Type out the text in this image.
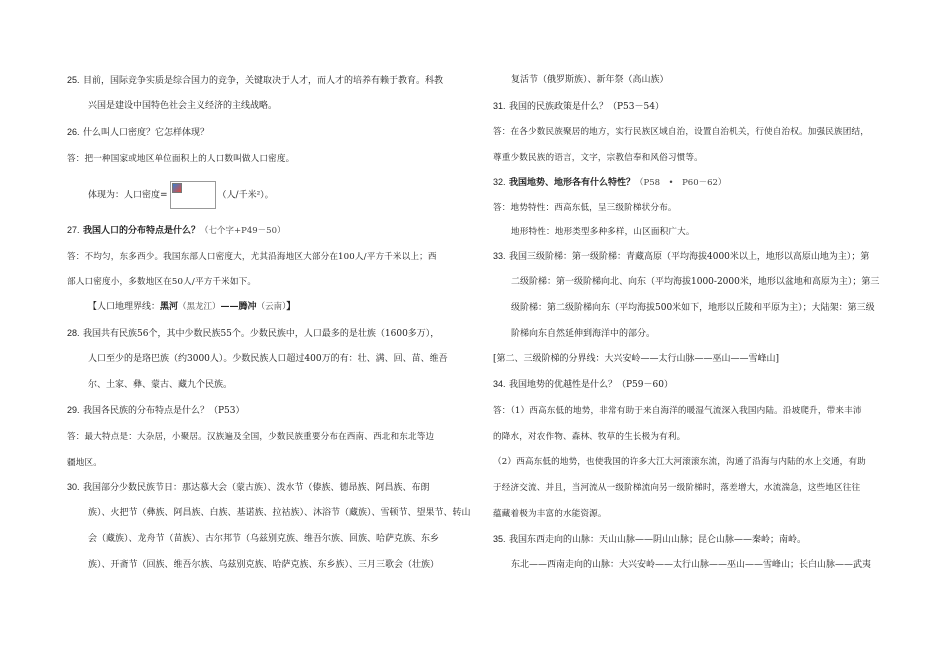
25. 目前，国际竞争实质是综合国力的竞争，关键取决于人才，而人才的培养有赖于教育。科教
兴国是建设中国特色社会主义经济的主线战略。
26. 什么叫人口密度？它怎样体现？
答：把一种国家或地区单位面积上的人口数叫做人口密度。
体现为：人口密度=	（人/千米²）。
27. 我国人口的分布特点是什么？（七个字+P49－50）
答：不均匀，东多西少。我国东部人口密度大，尤其沿海地区大部分在100人/平方千米以上；西
部人口密度小，多数地区在50人/平方千米如下。
【人口地理界线：黑河（黑龙江）——腾冲（云南）】
28. 我国共有民族56个，其中少数民族55个。少数民族中，人口最多的是壮族（1600多万），
人口至少的是珞巴族（约3000人）。少数民族人口超过400万的有：壮、满、回、苗、维吾
尔、土家、彝、蒙古、藏九个民族。
29. 我国各民族的分布特点是什么？（P53）
答：最大特点是：大杂居，小聚居。汉族遍及全国，少数民族重要分布在西南、西北和东北等边
疆地区。
30. 我国部分少数民族节日：那达慕大会（蒙古族）、泼水节（傣族、德昂族、阿昌族、布朗
族）、火把节（彝族、阿昌族、白族、基诺族、拉祜族）、沐浴节（藏族）、雪顿节、望果节、转山
会（藏族）、龙舟节（苗族）、古尔邦节（乌兹别克族、维吾尔族、回族、哈萨克族、东乡
族）、开斋节（回族、维吾尔族、乌兹别克族、哈萨克族、东乡族）、三月三歌会（壮族）
复活节（俄罗斯族）、新年祭（高山族）
31. 我国的民族政策是什么？（P53－54）
答：在各少数民族聚居的地方，实行民族区域自治，设置自治机关，行使自治权。加强民族团结，
尊重少数民族的语言，文字，宗教信奉和风俗习惯等。
32. 我国地势、地形各有什么特性？（P58　•　P60－62）
答：地势特性：西高东低，呈三级阶梯状分布。
地形特性：地形类型多种多样，山区面积广大。
33. 我国三级阶梯：第一级阶梯：青藏高原（平均海拔4000米以上，地形以高原山地为主）；第
二级阶梯：第一级阶梯向北、向东（平均海拔1000-2000米，地形以盆地和高原为主）；第三
级阶梯：第二级阶梯向东（平均海拔500米如下，地形以丘陵和平原为主）；大陆架：第三级
阶梯向东自然延伸到海洋中的部分。
[第二、三级阶梯的分界线：大兴安岭——太行山脉——巫山——雪峰山]
34. 我国地势的优越性是什么？（P59－60）
答：（1）西高东低的地势，非常有助于来自海洋的暖湿气流深入我国内陆。沿坡爬升，带来丰沛
的降水，对农作物、森林、牧草的生长极为有利。
（2）西高东低的地势，也使我国的许多大江大河滚滚东流，沟通了沿海与内陆的水上交通，有助
于经济交流、并且，当河流从一级阶梯流向另一级阶梯时，落差增大，水流湍急，这些地区往往
蕴藏着极为丰富的水能资源。
35. 我国东西走向的山脉：天山山脉——阴山山脉；昆仑山脉——秦岭；南岭。
东北——西南走向的山脉：大兴安岭——太行山脉——巫山——雪峰山；长白山脉——武夷
